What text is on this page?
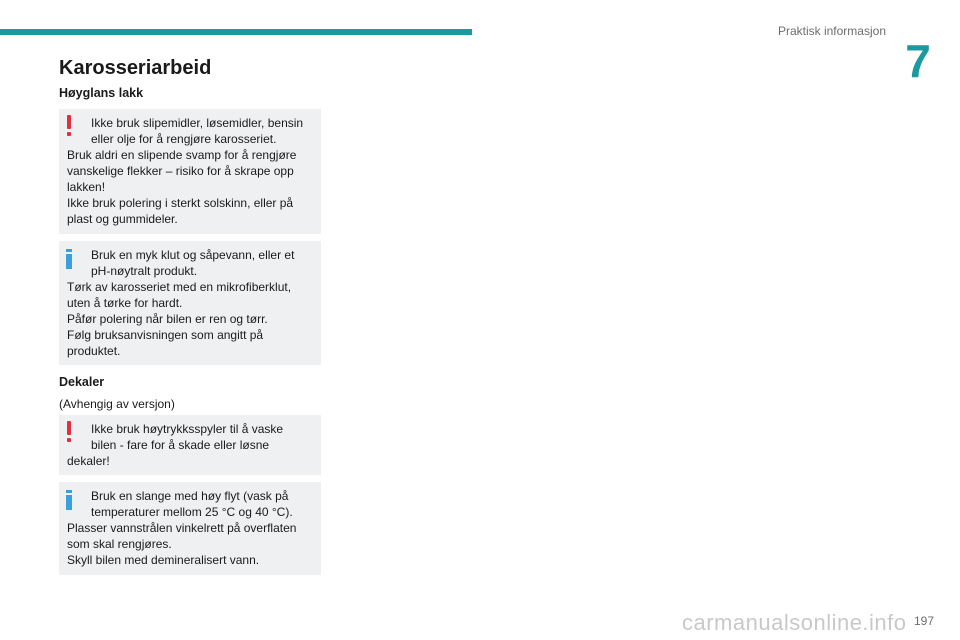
Praktisk informasjon
7
Karosseriarbeid
Høyglans lakk
Ikke bruk slipemidler, løsemidler, bensin
eller olje for å rengjøre karosseriet.
Bruk aldri en slipende svamp for å rengjøre
vanskelige flekker – risiko for å skrape opp
lakken!
Ikke bruk polering i sterkt solskinn, eller på
plast og gummideler.
Bruk en myk klut og såpevann, eller et
pH-nøytralt produkt.
Tørk av karosseriet med en mikrofiberklut,
uten å tørke for hardt.
Påfør polering når bilen er ren og tørr.
Følg bruksanvisningen som angitt på
produktet.
Dekaler

(Avhengig av versjon)

Ikke bruk høytrykksspyler til å vaske
bilen - fare for å skade eller løsne
dekaler!
Bruk en slange med høy flyt (vask på
temperaturer mellom 25 °C og 40 °C).
Plasser vannstrålen vinkelrett på overflaten
som skal rengjøres.
Skyll bilen med demineralisert vann.
197
carmanualsonline.info
